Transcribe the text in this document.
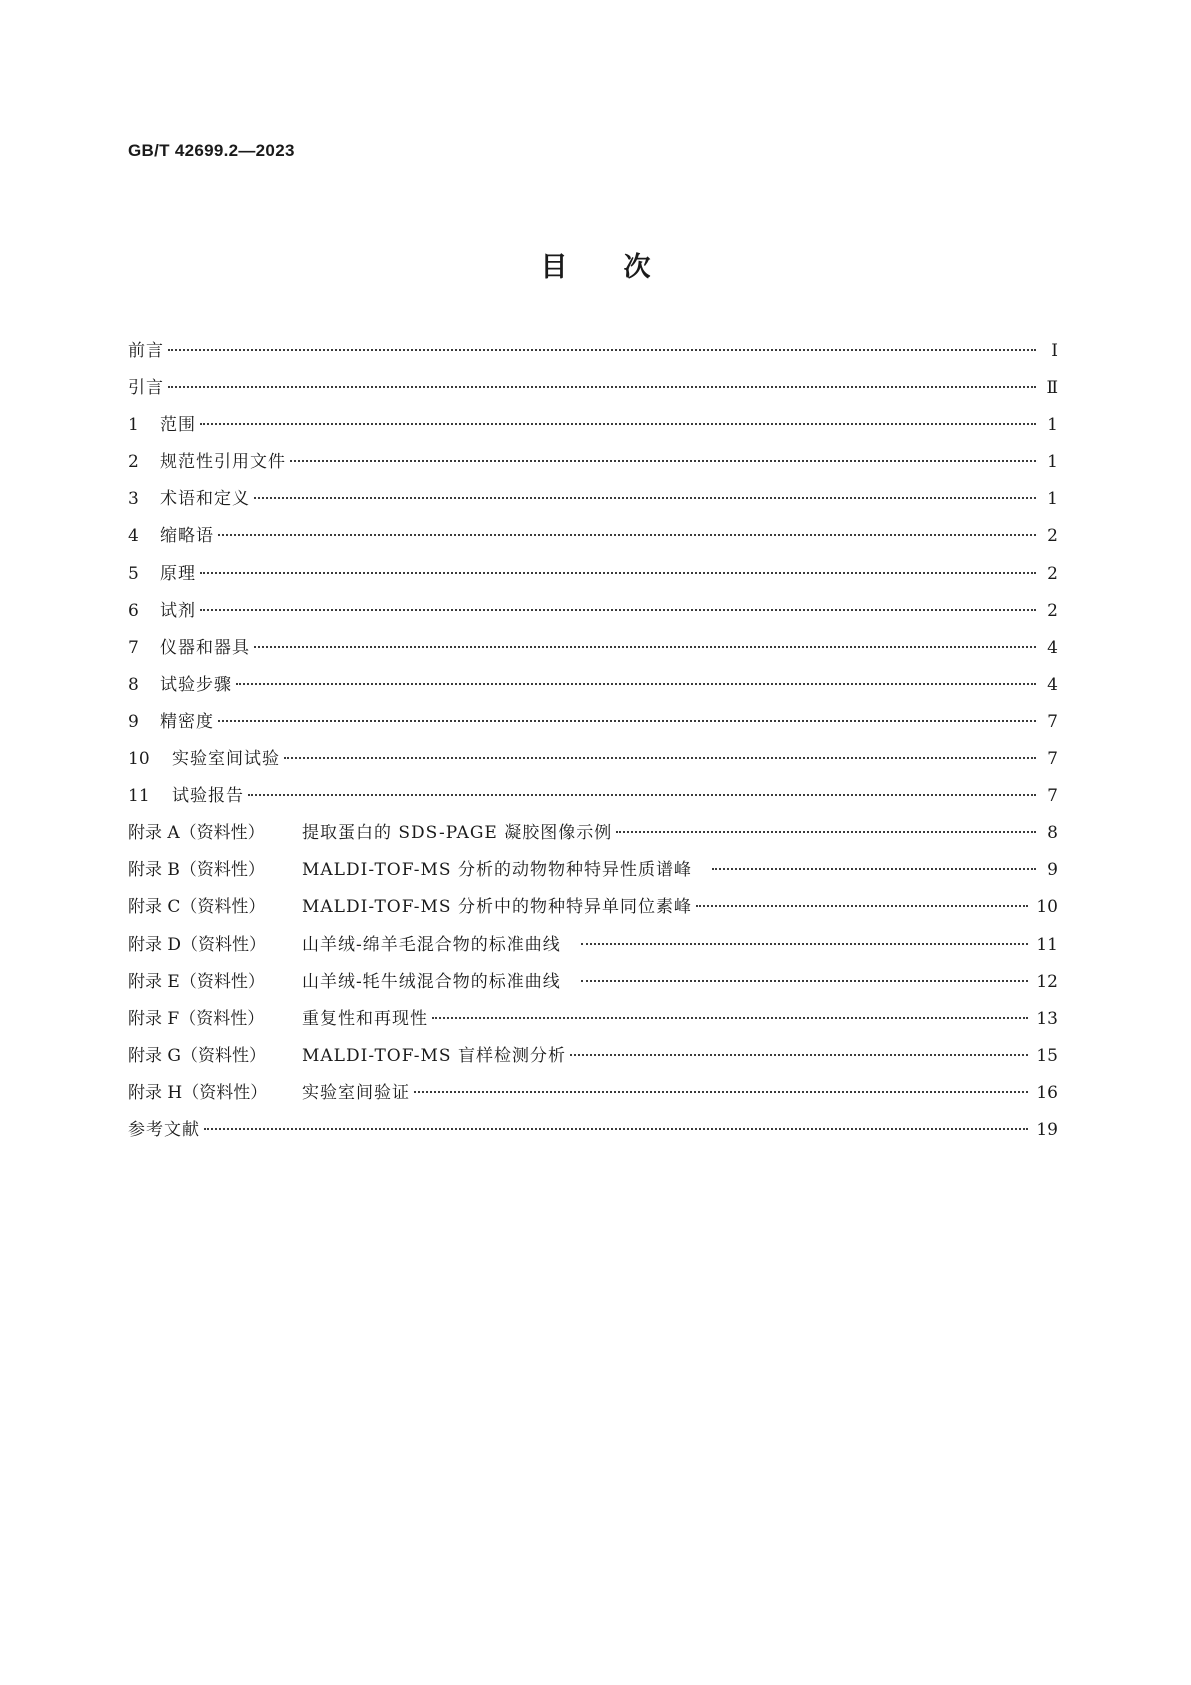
GB/T 42699.2—2023
目次
前言	Ⅰ
引言	Ⅱ
1	范围	1
2	规范性引用文件	1
3	术语和定义	1
4	缩略语	2
5	原理	2
6	试剂	2
7	仪器和器具	4
8	试验步骤	4
9	精密度	7
10	实验室间试验	7
11	试验报告	7
附录 A（资料性）	提取蛋白的 SDS-PAGE 凝胶图像示例	8
附录 B（资料性）	MALDI-TOF-MS 分析的动物物种特异性质谱峰	9
附录 C（资料性）	MALDI-TOF-MS 分析中的物种特异单同位素峰	10
附录 D（资料性）	山羊绒-绵羊毛混合物的标准曲线	11
附录 E（资料性）	山羊绒-牦牛绒混合物的标准曲线	12
附录 F（资料性）	重复性和再现性	13
附录 G（资料性）	MALDI-TOF-MS 盲样检测分析	15
附录 H（资料性）	实验室间验证	16
参考文献	19
